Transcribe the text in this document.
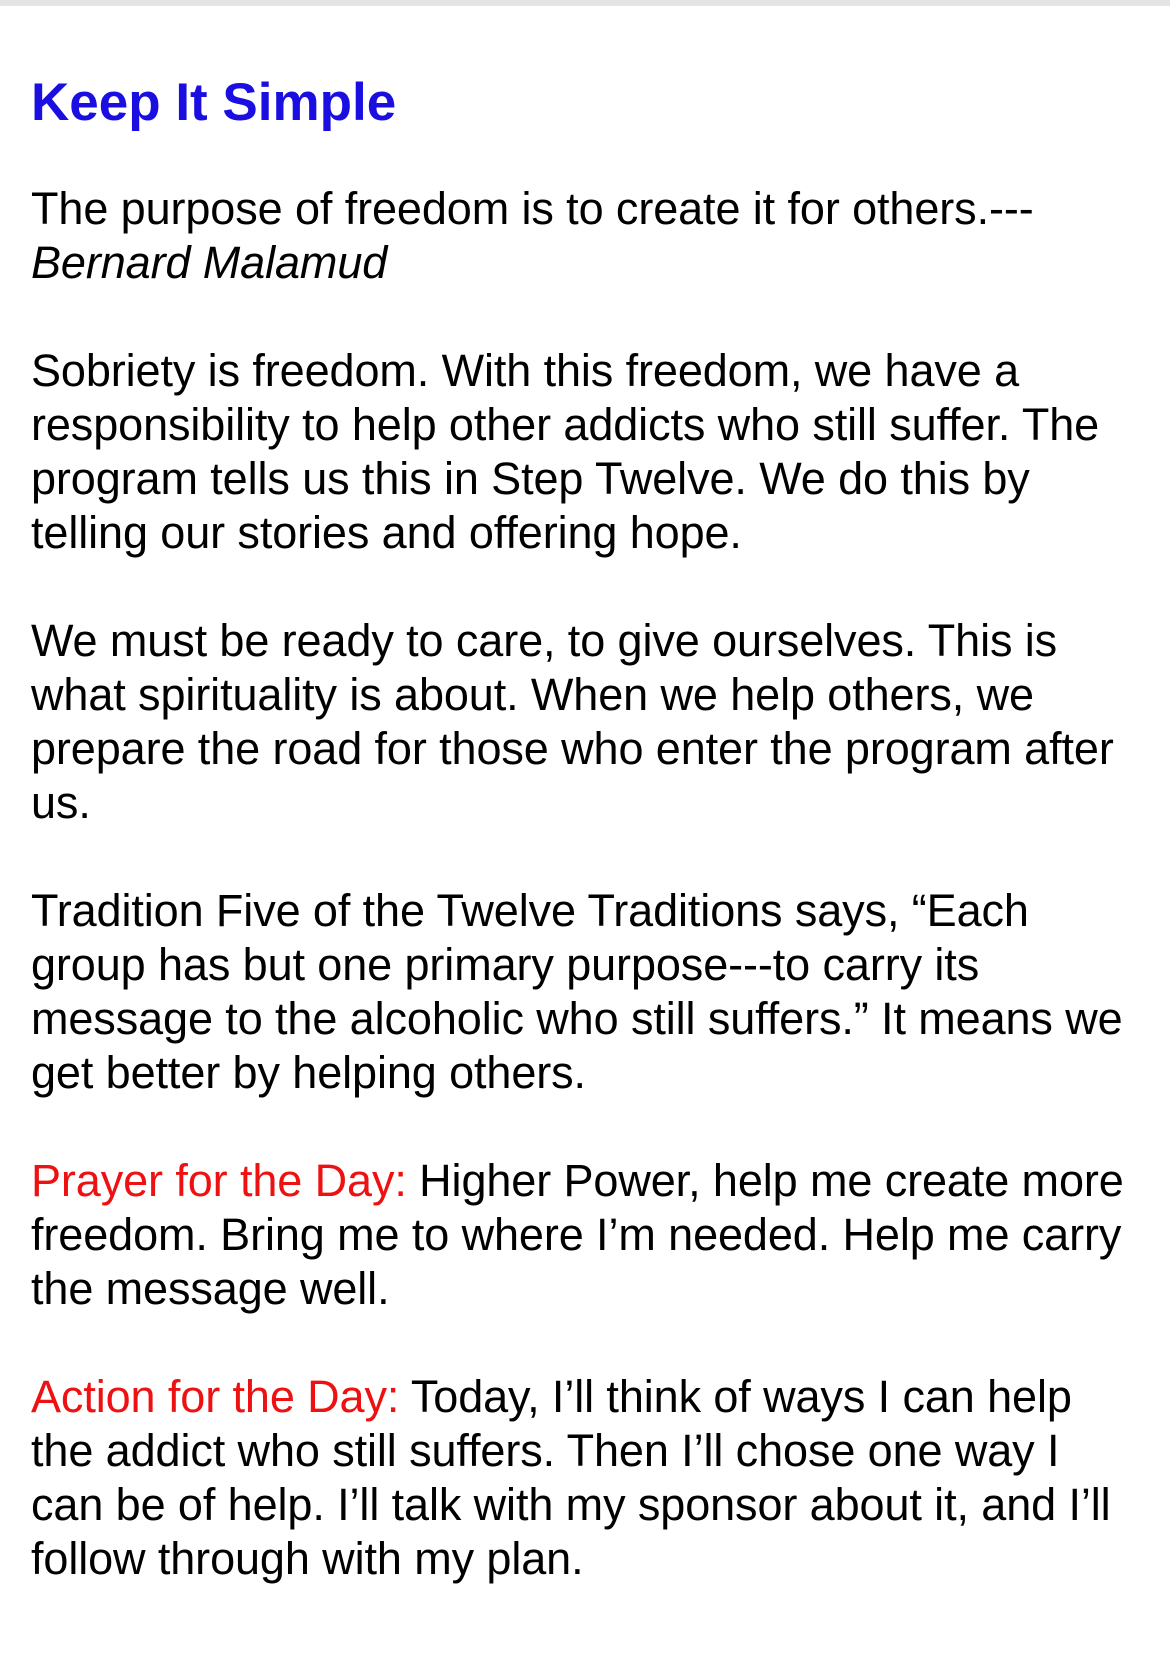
Keep It Simple

The purpose of freedom is to create it for others.---
Bernard Malamud

Sobriety is freedom. With this freedom, we have a responsibility to help other addicts who still suffer. The program tells us this in Step Twelve. We do this by telling our stories and offering hope.

We must be ready to care, to give ourselves. This is what spirituality is about. When we help others, we prepare the road for those who enter the program after us.

Tradition Five of the Twelve Traditions says, “Each group has but one primary purpose---to carry its message to the alcoholic who still suffers.” It means we get better by helping others.

Prayer for the Day: Higher Power, help me create more freedom. Bring me to where I’m needed. Help me carry the message well.

Action for the Day: Today, I’ll think of ways I can help the addict who still suffers. Then I’ll chose one way I can be of help. I’ll talk with my sponsor about it, and I’ll follow through with my plan.
